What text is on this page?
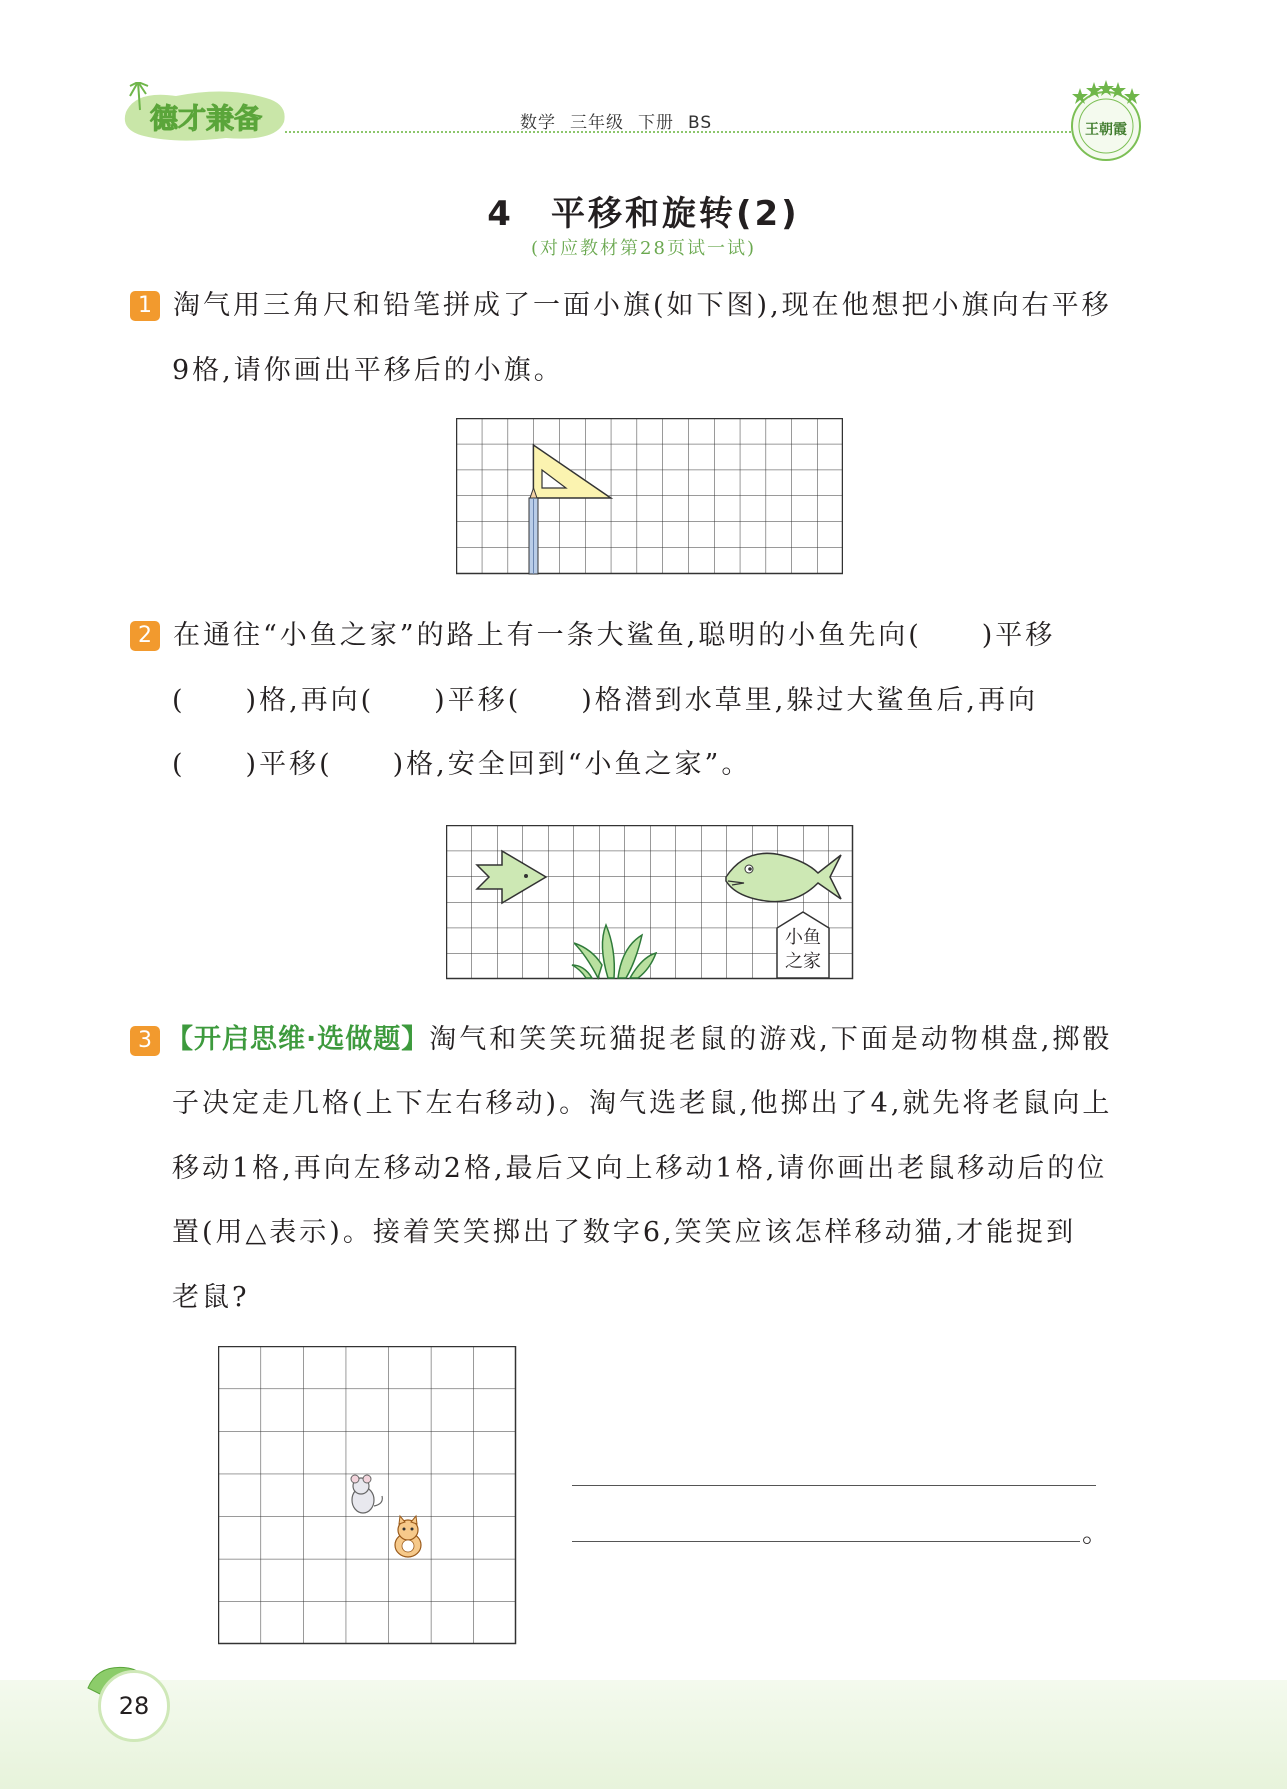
德才兼备	数学 三年级 下册 BS	王朝霞
4　平移和旋转(2)
(对应教材第28页试一试)
1 淘气用三角尺和铅笔拼成了一面小旗(如下图),现在他想把小旗向右平移
9格,请你画出平移后的小旗。
2 在通往“小鱼之家”的路上有一条大鲨鱼,聪明的小鱼先向(　　)平移
(　　)格,再向(　　)平移(　　)格潜到水草里,躲过大鲨鱼后,再向
(　　)平移(　　)格,安全回到“小鱼之家”。
小鱼
之家
3 【开启思维·选做题】淘气和笑笑玩猫捉老鼠的游戏,下面是动物棋盘,掷骰
子决定走几格(上下左右移动)。淘气选老鼠,他掷出了4,就先将老鼠向上
移动1格,再向左移动2格,最后又向上移动1格,请你画出老鼠移动后的位
置(用△表示)。接着笑笑掷出了数字6,笑笑应该怎样移动猫,才能捉到
老鼠?
。
28
